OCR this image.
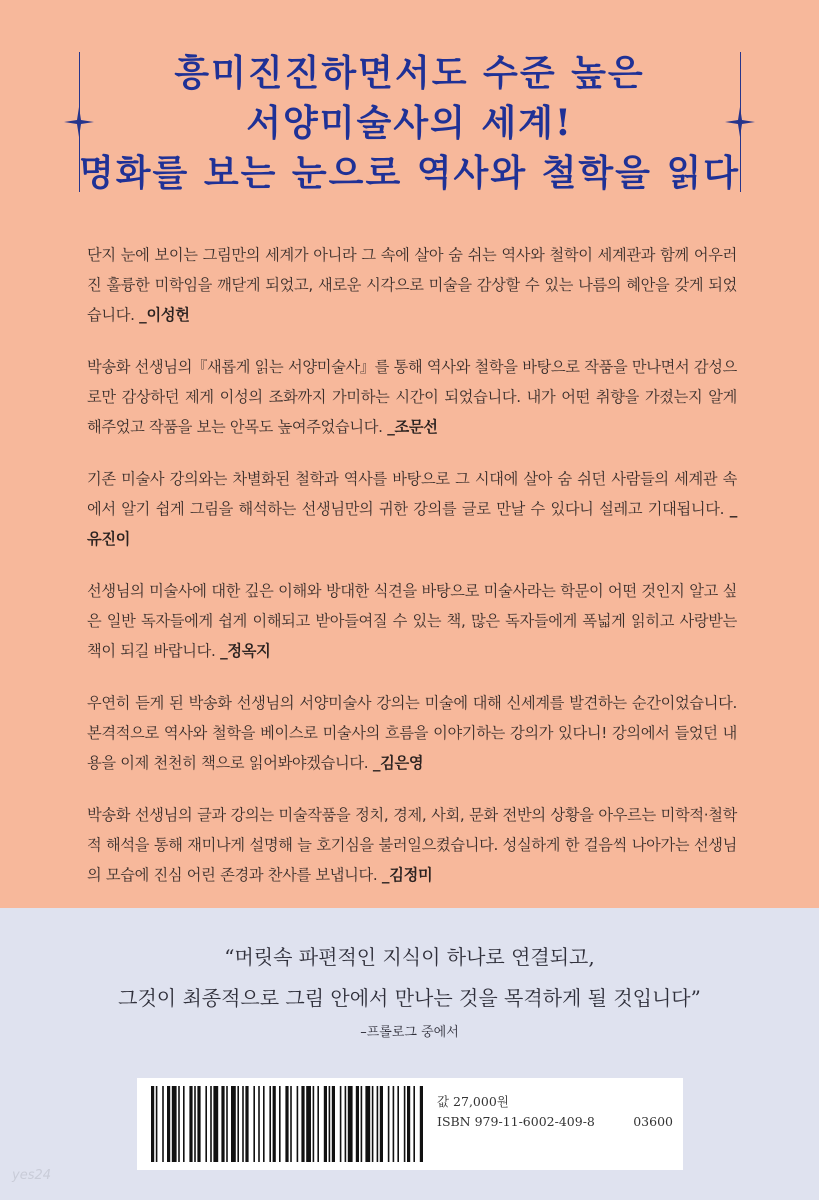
흥미진진하면서도 수준 높은
서양미술사의 세계!
명화를 보는 눈으로 역사와 철학을 읽다

단지 눈에 보이는 그림만의 세계가 아니라 그 속에 살아 숨 쉬는 역사와 철학이 세계관과 함께 어우러진 훌륭한 미학임을 깨닫게 되었고, 새로운 시각으로 미술을 감상할 수 있는 나름의 혜안을 갖게 되었습니다. _이성헌

박송화 선생님의『새롭게 읽는 서양미술사』를 통해 역사와 철학을 바탕으로 작품을 만나면서 감성으로만 감상하던 제게 이성의 조화까지 가미하는 시간이 되었습니다. 내가 어떤 취향을 가졌는지 알게 해주었고 작품을 보는 안목도 높여주었습니다. _조문선

기존 미술사 강의와는 차별화된 철학과 역사를 바탕으로 그 시대에 살아 숨 쉬던 사람들의 세계관 속에서 알기 쉽게 그림을 해석하는 선생님만의 귀한 강의를 글로 만날 수 있다니 설레고 기대됩니다. _유진이

선생님의 미술사에 대한 깊은 이해와 방대한 식견을 바탕으로 미술사라는 학문이 어떤 것인지 알고 싶은 일반 독자들에게 쉽게 이해되고 받아들여질 수 있는 책, 많은 독자들에게 폭넓게 읽히고 사랑받는 책이 되길 바랍니다. _정옥지

우연히 듣게 된 박송화 선생님의 서양미술사 강의는 미술에 대해 신세계를 발견하는 순간이었습니다. 본격적으로 역사와 철학을 베이스로 미술사의 흐름을 이야기하는 강의가 있다니! 강의에서 들었던 내용을 이제 천천히 책으로 읽어봐야겠습니다. _김은영

박송화 선생님의 글과 강의는 미술작품을 정치, 경제, 사회, 문화 전반의 상황을 아우르는 미학적·철학적 해석을 통해 재미나게 설명해 늘 호기심을 불러일으켰습니다. 성실하게 한 걸음씩 나아가는 선생님의 모습에 진심 어린 존경과 찬사를 보냅니다. _김정미

“머릿속 파편적인 지식이 하나로 연결되고,
그것이 최종적으로 그림 안에서 만나는 것을 목격하게 될 것입니다”
–프롤로그 중에서
값 27,000원
ISBN 979-11-6002-409-8	03600
yes24
